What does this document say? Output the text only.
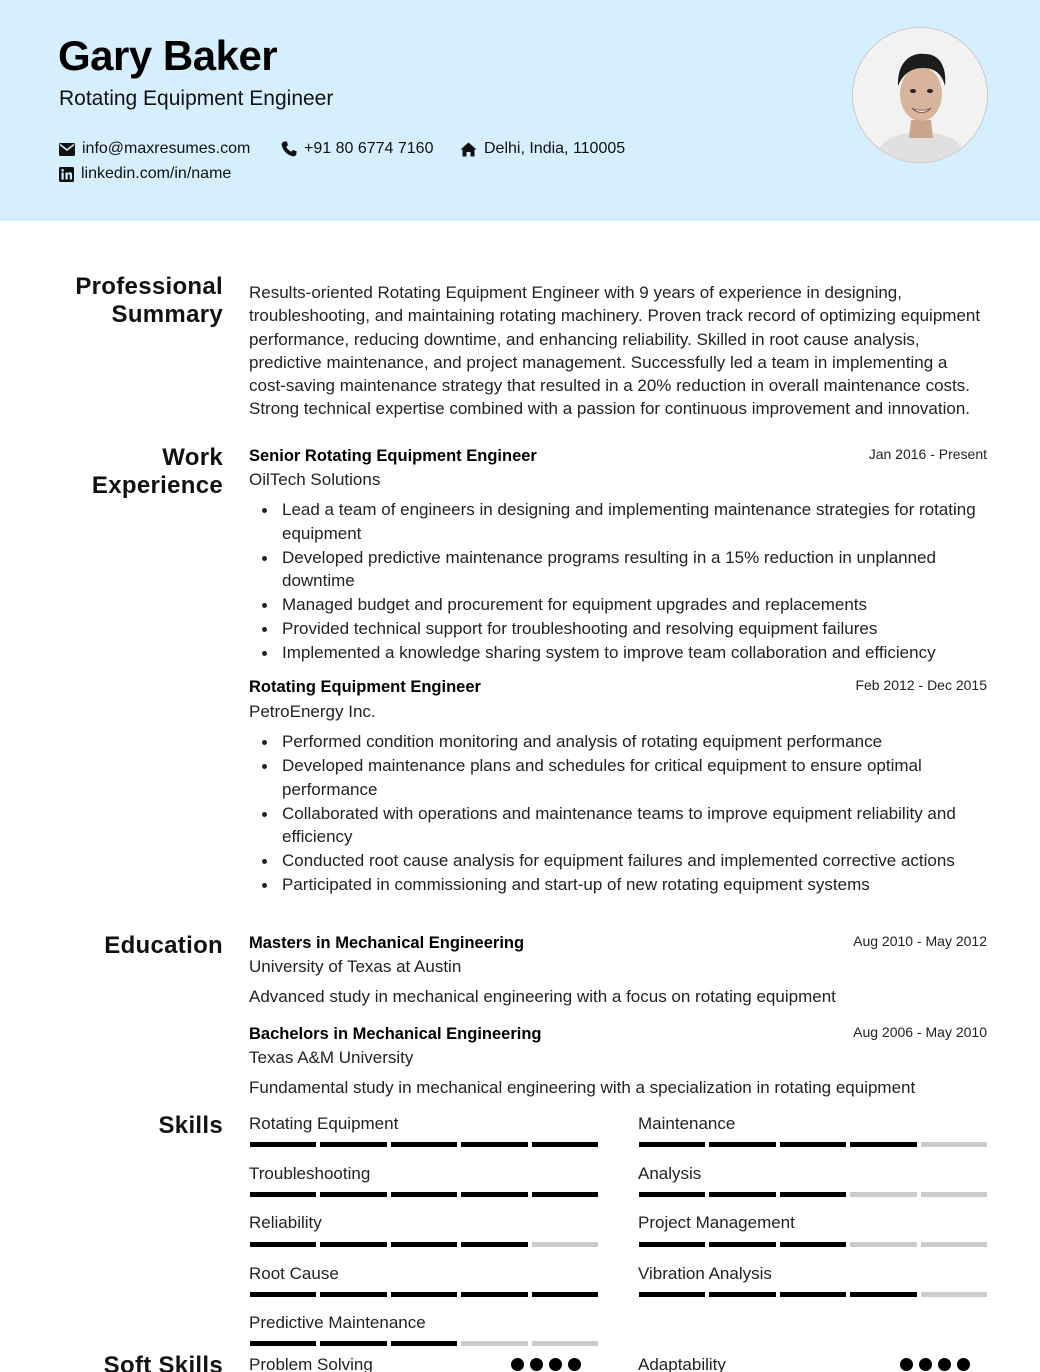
Gary Baker
Rotating Equipment Engineer
info@maxresumes.com	+91 80 6774 7160	Delhi, India, 110005
linkedin.com/in/name
Professional Summary
Work Experience
Education
Skills
Soft Skills
Results-oriented Rotating Equipment Engineer with 9 years of experience in designing, troubleshooting, and maintaining rotating machinery. Proven track record of optimizing equipment performance, reducing downtime, and enhancing reliability. Skilled in root cause analysis, predictive maintenance, and project management. Successfully led a team in implementing a cost-saving maintenance strategy that resulted in a 20% reduction in overall maintenance costs. Strong technical expertise combined with a passion for continuous improvement and innovation.
Senior Rotating Equipment Engineer	Jan 2016 - Present
OilTech Solutions
Lead a team of engineers in designing and implementing maintenance strategies for rotating equipment
Developed predictive maintenance programs resulting in a 15% reduction in unplanned downtime
Managed budget and procurement for equipment upgrades and replacements
Provided technical support for troubleshooting and resolving equipment failures
Implemented a knowledge sharing system to improve team collaboration and efficiency
Rotating Equipment Engineer	Feb 2012 - Dec 2015
PetroEnergy Inc.
Performed condition monitoring and analysis of rotating equipment performance
Developed maintenance plans and schedules for critical equipment to ensure optimal performance
Collaborated with operations and maintenance teams to improve equipment reliability and efficiency
Conducted root cause analysis for equipment failures and implemented corrective actions
Participated in commissioning and start-up of new rotating equipment systems
Masters in Mechanical Engineering	Aug 2010 - May 2012
University of Texas at Austin
Advanced study in mechanical engineering with a focus on rotating equipment
Bachelors in Mechanical Engineering	Aug 2006 - May 2010
Texas A&M University
Fundamental study in mechanical engineering with a specialization in rotating equipment
Rotating Equipment	Maintenance
Troubleshooting	Analysis
Reliability	Project Management
Root Cause	Vibration Analysis
Predictive Maintenance
Problem Solving	Adaptability
